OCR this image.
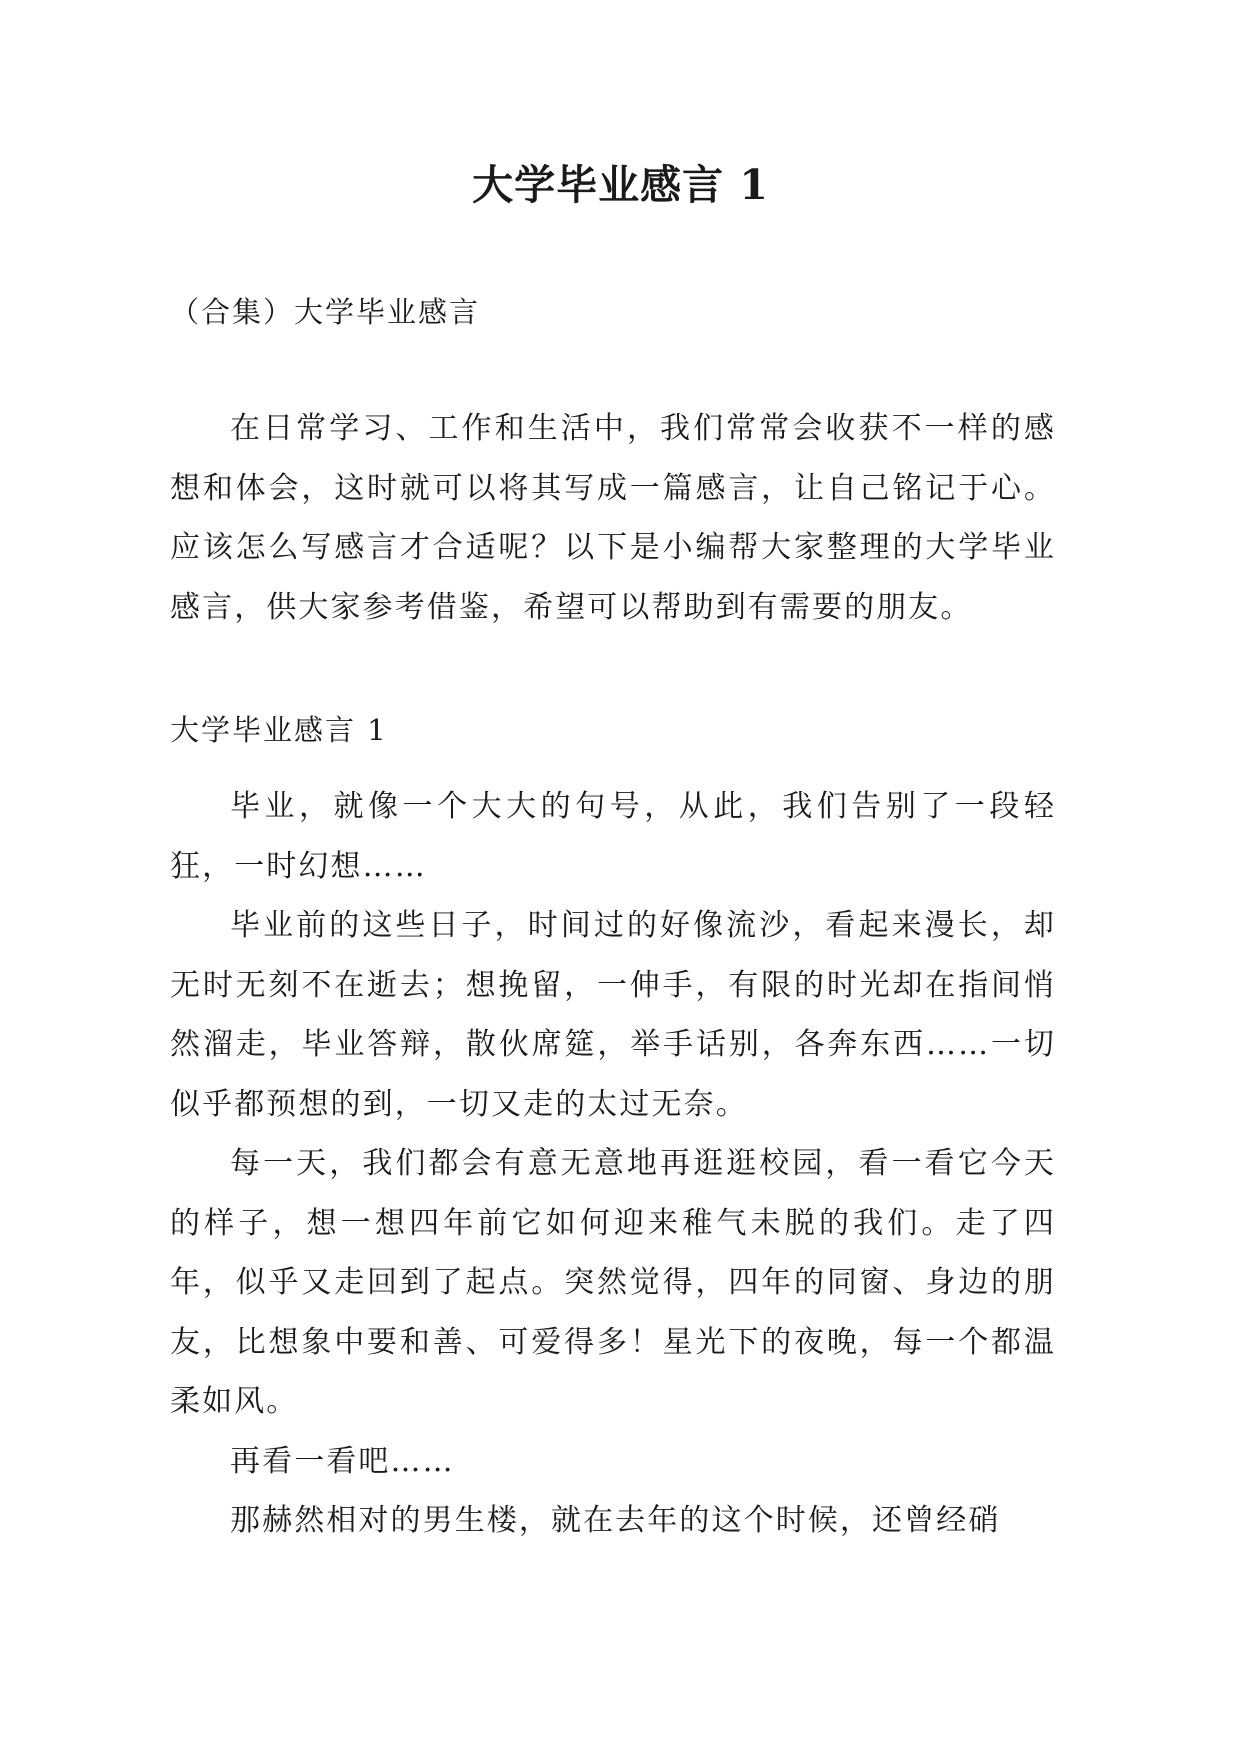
大学毕业感言 1

（合集）大学毕业感言

在日常学习、工作和生活中，我们常常会收获不一样的感想和体会，这时就可以将其写成一篇感言，让自己铭记于心。应该怎么写感言才合适呢？以下是小编帮大家整理的大学毕业感言，供大家参考借鉴，希望可以帮助到有需要的朋友。

大学毕业感言 1

毕业，就像一个大大的句号，从此，我们告别了一段轻狂，一时幻想……

毕业前的这些日子，时间过的好像流沙，看起来漫长，却无时无刻不在逝去；想挽留，一伸手，有限的时光却在指间悄然溜走，毕业答辩，散伙席筵，举手话别，各奔东西……一切似乎都预想的到，一切又走的太过无奈。

每一天，我们都会有意无意地再逛逛校园，看一看它今天的样子，想一想四年前它如何迎来稚气未脱的我们。走了四年，似乎又走回到了起点。突然觉得，四年的同窗、身边的朋友，比想象中要和善、可爱得多！星光下的夜晚，每一个都温柔如风。

再看一看吧……

那赫然相对的男生楼，就在去年的这个时候，还曾经硝
